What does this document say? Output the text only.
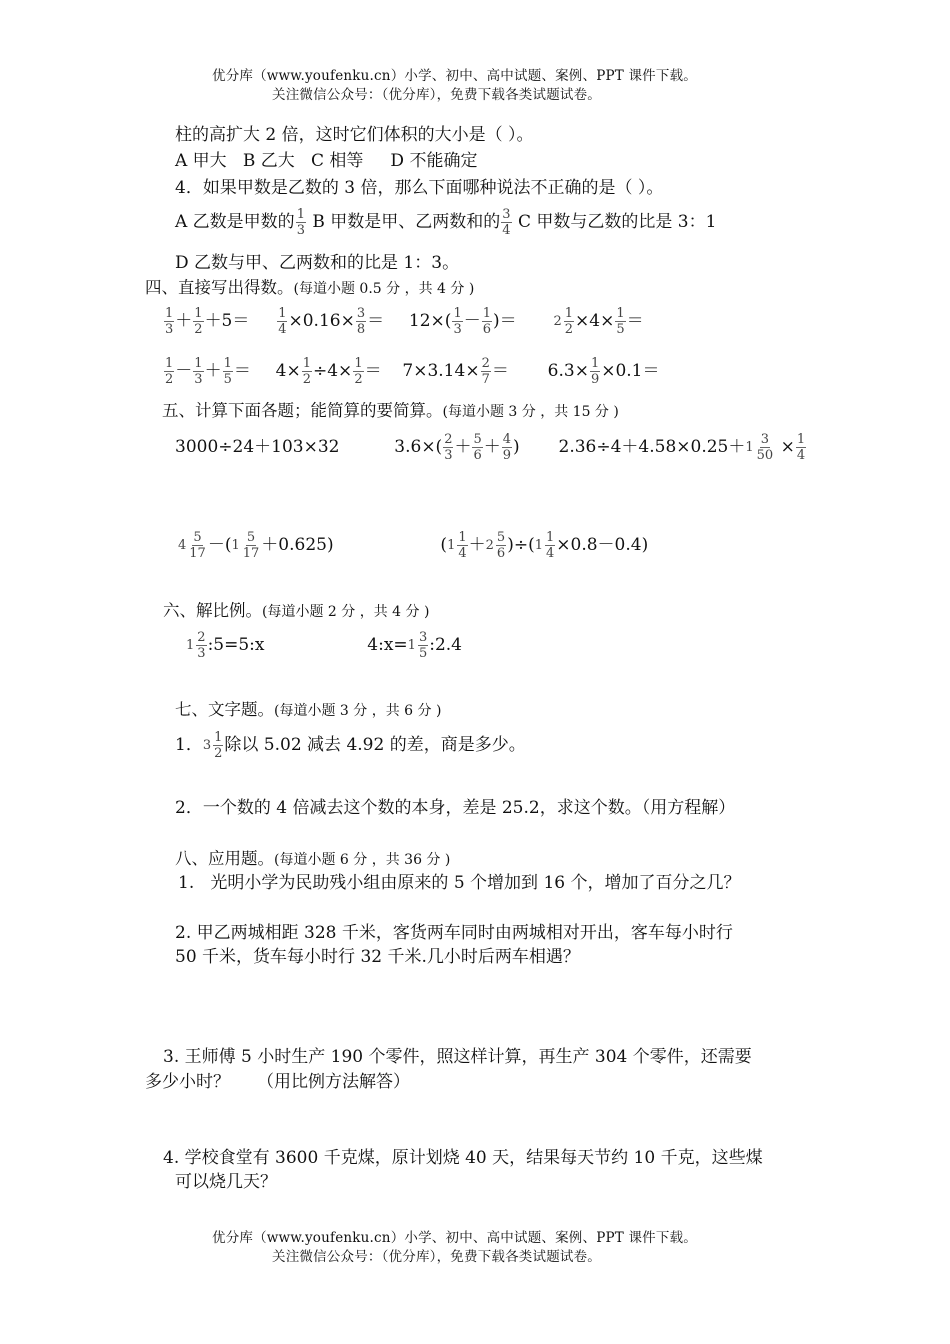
优分库（www.youfenku.cn）小学、初中、高中试题、案例、PPT 课件下载。
关注微信公众号：（优分库），免费下载各类试题试卷。
柱的高扩大 2 倍，这时它们体积的大小是（ ）。
A 甲大   B 乙大   C 相等     D 不能确定
4．如果甲数是乙数的 3 倍，那么下面哪种说法不正确的是（ ）。
A 乙数是甲数的 $\frac{1}{3}$ B 甲数是甲、乙两数和的 $\frac{3}{4}$ C 甲数与乙数的比是 3：1
D 乙数与甲、乙两数和的比是 1：3。
四、直接写出得数。(每道小题 0.5 分 ，共 4 分 )
$\frac{1}{3} + \frac{1}{2} +5= \frac{1}{4} \times 0.16\times \frac{3}{8} = 12\times( \frac{1}{3} - \frac{1}{6}$ )＝	$2 \frac{1}{2} \times 4\times \frac{1}{5}$ ＝
$\frac{1}{2} - \frac{1}{3} + \frac{1}{5} = 4\times \frac{1}{2} \div 4\times \frac{1}{2} = 7\times 3.14\times \frac{2}{7} = 6.3\times \frac{1}{9} \times 0.1=$
五、计算下面各题；能简算的要简算。(每道小题 3 分 ，共 15 分 )
3000÷24＋103×32	$3.6\times( \frac{2}{3} + \frac{5}{6} + \frac{4}{9}$ ) $2.36\div 4+4.58\times 0.25+ 1 \frac{3}{50} \times \frac{1}{4}$
$4 \frac{5}{17}$ －( $1 \frac{5}{17} +0.625$)	( $1 \frac{1}{4} + 2 \frac{5}{6}$ )÷( $1 \frac{1}{4} \times 0.8-0.4$)
六、解比例。(每道小题 2 分 ，共 4 分 )
$1 \frac{2}{3}$ :5=5:x	4:x= $1 \frac{3}{5}$ :2.4
七、文字题。(每道小题 3 分 ，共 6 分 )
1． $3 \frac{1}{2}$ 除以 5.02 减去 4.92 的差，商是多少。
2．一个数的 4 倍减去这个数的本身，差是 25.2，求这个数。（用方程解）
八、应用题。(每道小题 6 分 ，共 36 分 )
1.   光明小学为民助残小组由原来的 5 个增加到 16 个，增加了百分之几？
2. 甲乙两城相距 328 千米，客货两车同时由两城相对开出，客车每小时行
50 千米，货车每小时行 32 千米.几小时后两车相遇？
3. 王师傅 5 小时生产 190 个零件，照这样计算，再生产 304 个零件，还需要
多少小时？     （用比例方法解答）
4. 学校食堂有 3600 千克煤，原计划烧 40 天，结果每天节约 10 千克，这些煤
可以烧几天？
优分库（www.youfenku.cn）小学、初中、高中试题、案例、PPT 课件下载。
关注微信公众号：（优分库），免费下载各类试题试卷。
